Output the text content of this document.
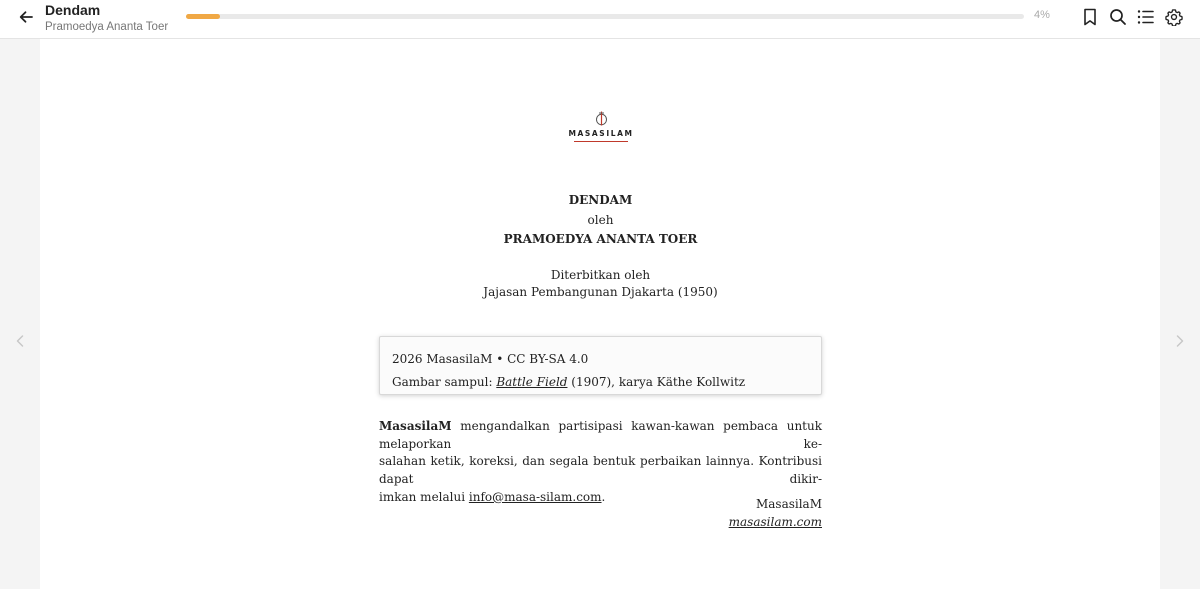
Dendam
Pramoedya Ananta Toer
4%
MASASILAM
DENDAM
oleh
PRAMOEDYA ANANTA TOER
Diterbitkan oleh
Jajasan Pembangunan Djakarta (1950)
2026 MasasilaM • CC BY-SA 4.0
Gambar sampul: Battle Field (1907), karya Käthe Kollwitz
MasasilaM mengandalkan partisipasi kawan-kawan pembaca untuk melaporkan ke-
salahan ketik, koreksi, dan segala bentuk perbaikan lainnya. Kontribusi dapat dikir-
imkan melalui info@masa-silam.com.
MasasilaM
masasilam.com
